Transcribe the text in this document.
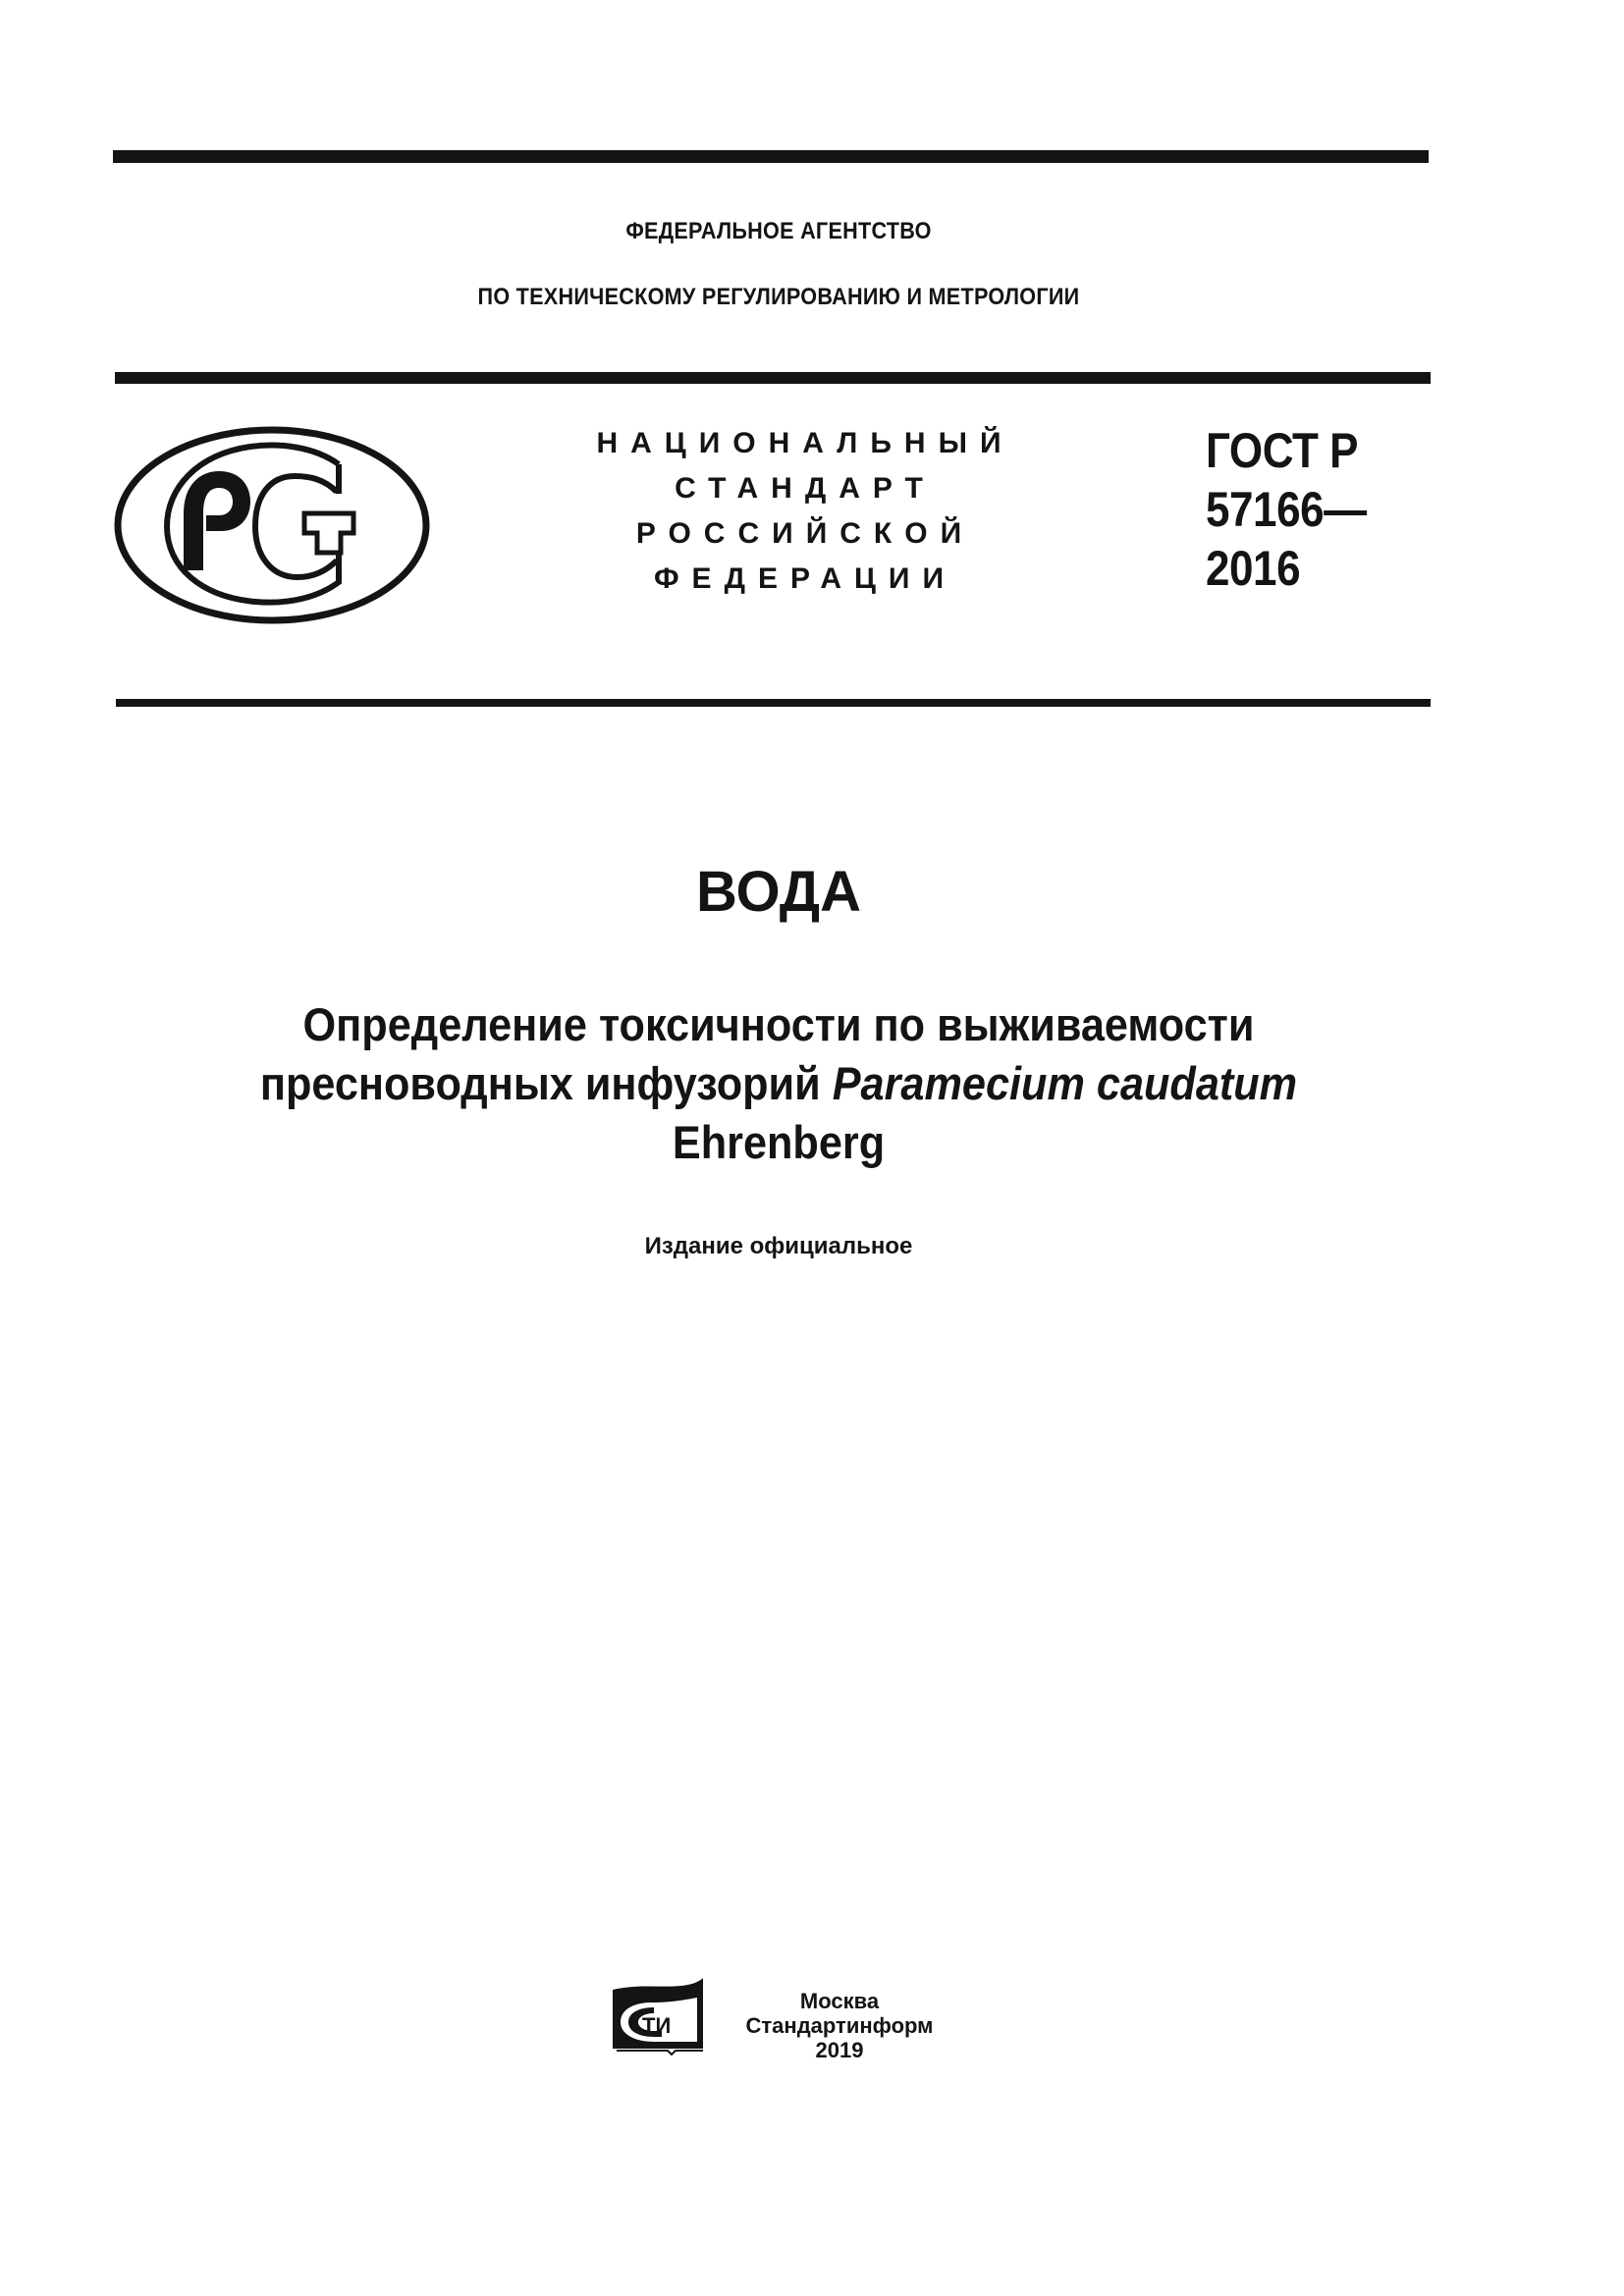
ФЕДЕРАЛЬНОЕ АГЕНТСТВО
ПО ТЕХНИЧЕСКОМУ РЕГУЛИРОВАНИЮ И МЕТРОЛОГИИ
НАЦИОНАЛЬНЫЙ
СТАНДАРТ
РОССИЙСКОЙ
ФЕДЕРАЦИИ
ГОСТ Р
57166—
2016
ВОДА
Определение токсичности по выживаемости
пресноводных инфузорий Paramecium caudatum
Ehrenberg
Издание официальное
ТИ
Москва
Стандартинформ
2019
